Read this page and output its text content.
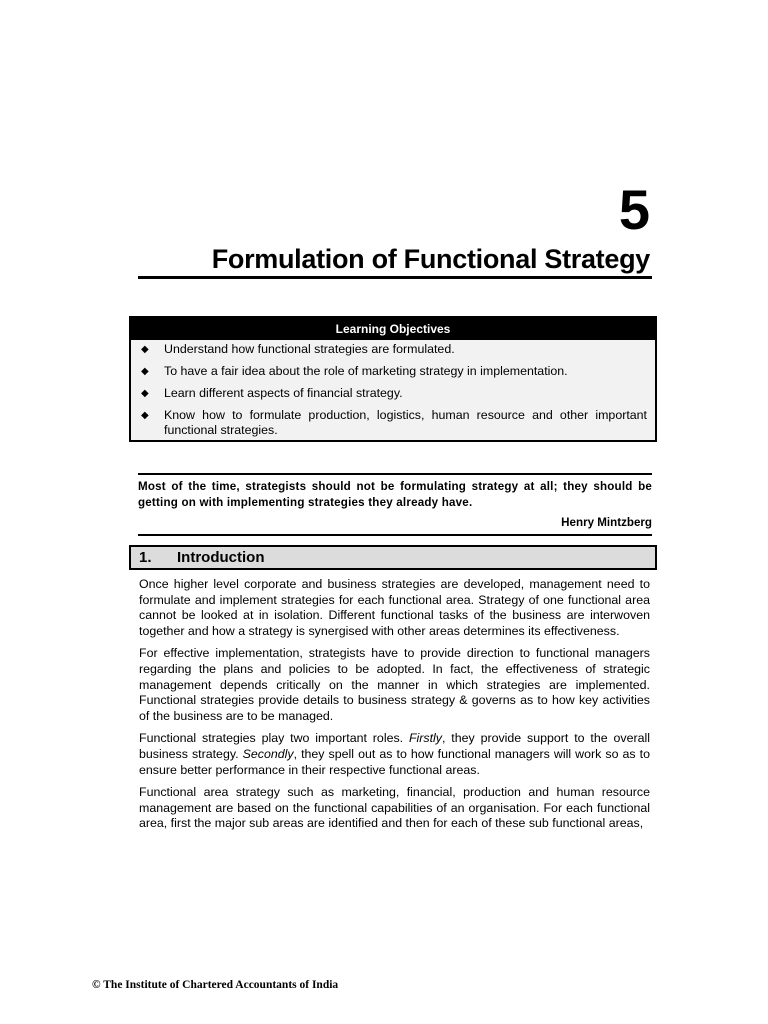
5
Formulation of Functional Strategy
Learning Objectives
◆ Understand how functional strategies are formulated.
◆ To have a fair idea about the role of marketing strategy in implementation.
◆ Learn different aspects of financial strategy.
◆ Know how to formulate production, logistics, human resource and other important functional strategies.
Most of the time, strategists should not be formulating strategy at all; they should be getting on with implementing strategies they already have.
Henry Mintzberg
1. Introduction

Once higher level corporate and business strategies are developed, management need to formulate and implement strategies for each functional area. Strategy of one functional area cannot be looked at in isolation. Different functional tasks of the business are interwoven together and how a strategy is synergised with other areas determines its effectiveness.

For effective implementation, strategists have to provide direction to functional managers regarding the plans and policies to be adopted. In fact, the effectiveness of strategic management depends critically on the manner in which strategies are implemented. Functional strategies provide details to business strategy & governs as to how key activities of the business are to be managed.

Functional strategies play two important roles. Firstly, they provide support to the overall business strategy. Secondly, they spell out as to how functional managers will work so as to ensure better performance in their respective functional areas.

Functional area strategy such as marketing, financial, production and human resource management are based on the functional capabilities of an organisation. For each functional area, first the major sub areas are identified and then for each of these sub functional areas,

© The Institute of Chartered Accountants of India
